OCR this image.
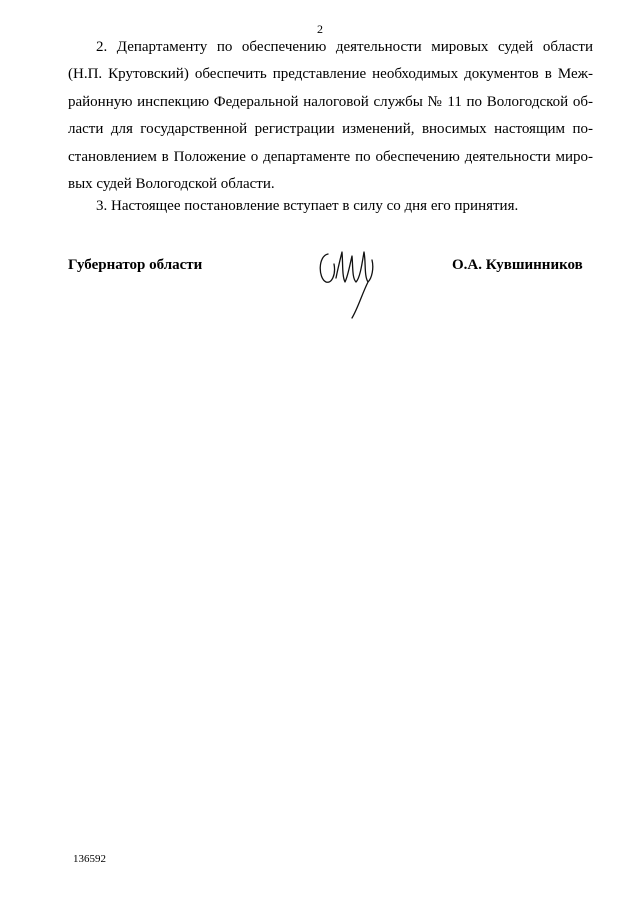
2
2. Департаменту по обеспечению деятельности мировых судей области
(Н.П. Крутовский) обеспечить представление необходимых документов в Меж-
районную инспекцию Федеральной налоговой службы № 11 по Вологодской об-
ласти для государственной регистрации изменений, вносимых настоящим по-
становлением в Положение о департаменте по обеспечению деятельности миро-
вых судей Вологодской области.
3. Настоящее постановление вступает в силу со дня его принятия.
Губернатор области	О.А. Кувшинников
136592
